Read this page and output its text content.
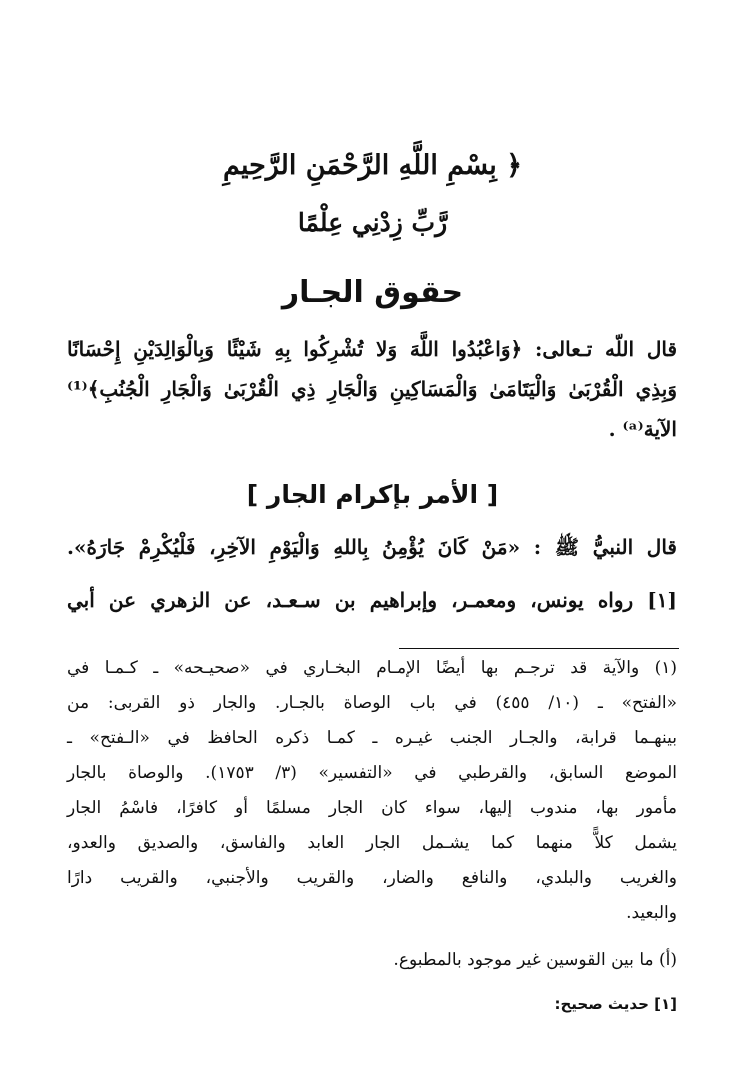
﴿ بِسْمِ اللَّهِ الرَّحْمَنِ الرَّحِيمِ
رَّبِّ زِدْنِي عِلْمًا
حقوق الجـار
قال اللّه تـعالى: ﴿وَاعْبُدُوا اللَّهَ وَلا تُشْرِكُوا بِهِ شَيْئًا وَبِالْوَالِدَيْنِ إِحْسَانًا
وَبِذِي الْقُرْبَىٰ وَالْيَتَامَىٰ وَالْمَسَاكِينِ وَالْجَارِ ذِي الْقُرْبَىٰ وَالْجَارِ الْجُنُبِ﴾⁽¹⁾
الآية⁽ᵃ⁾ .
[ الأمر بإكرام الجار ]
قال النبيُّ ﷺ : «مَنْ كَانَ يُؤْمِنُ بِاللهِ وَالْيَوْمِ الآخِرِ، فَلْيُكْرِمْ جَارَهُ».
[١] رواه يونس، ومعمـر، وإبراهيم بن سـعـد، عن الزهري عن أبي
(١) والآية قد ترجـم بها أيضًا الإمـام البخـاري في «صحيـحه» ـ كـمـا في
«الفتح» ـ (١٠/ ٤٥٥) في باب الوصاة بالجـار. والجار ذو القربى: من
بينهـما قرابة، والجـار الجنب غيـره ـ كمـا ذكره الحافظ في «الـفتح» ـ
الموضع السابق، والقرطبي في «التفسير» (٣/ ١٧٥٣). والوصاة بالجار
مأمور بها، مندوب إليها، سواء كان الجار مسلمًا أو كافرًا، فاسْمُ الجار
يشمل كلاًّ منهما كما يشـمل الجار العابد والفاسق، والصديق والعدو،
والغريب والبلدي، والنافع والضار، والقريب والأجنبي، والقريب دارًا
والبعيد.
(أ) ما بين القوسين غير موجود بالمطبوع.
[١] حديث صحيح:
